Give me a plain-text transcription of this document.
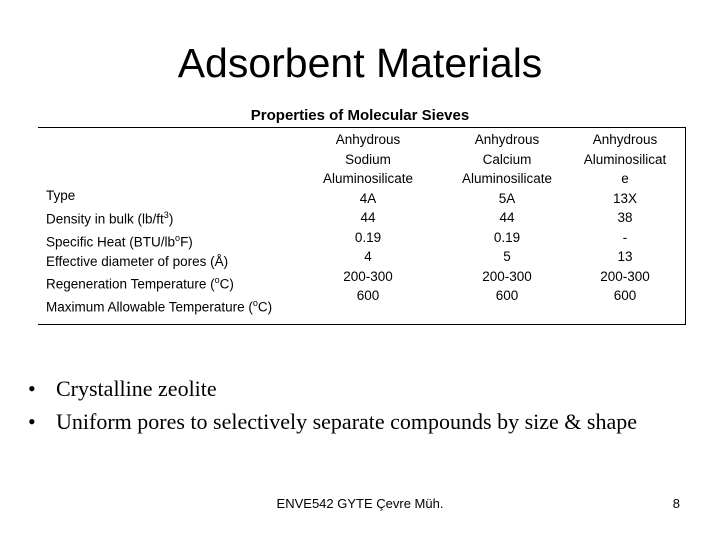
Adsorbent Materials
Properties of Molecular Sieves
Type
Density in bulk $(lb/ft^3)$
Specific Heat $(BTU/lb^oF)$
Effective diameter of pores (Å)
Regeneration Temperature ($^o$C)
Maximum Allowable Temperature ($^o$C)
Anhydrous
Sodium
Aluminosilicate
4A
44
0.19
4
200-300
600
Anhydrous
Calcium
Aluminosilicate
5A
44
0.19
5
200-300
600
Anhydrous
Aluminosilicat
e
13X
38
-
13
200-300
600
• Crystalline zeolite
• Uniform pores to selectively separate compounds by size & shape
ENVE542 GYTE Çevre Müh.	8
